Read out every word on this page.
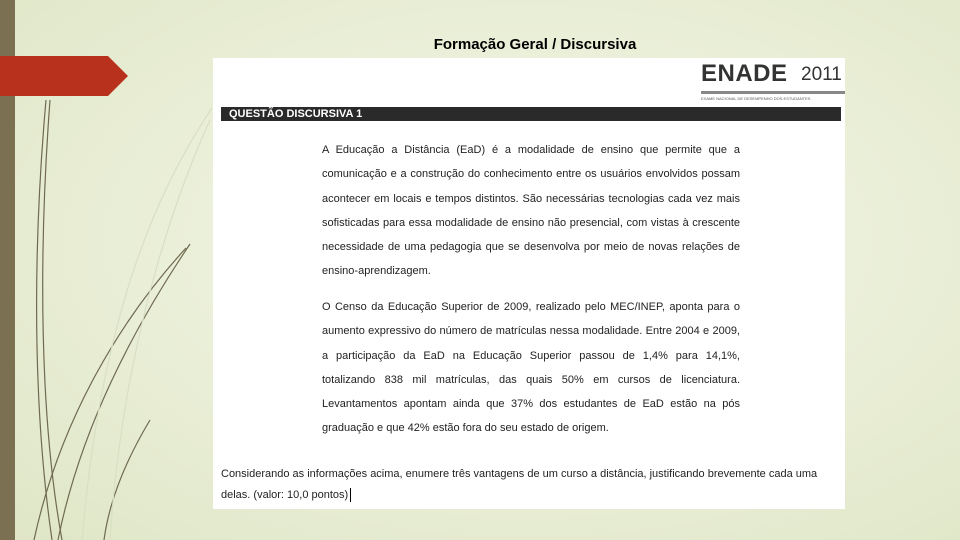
Formação Geral / Discursiva
ENADE 2011
EXAME NACIONAL DE DESEMPENHO DOS ESTUDANTES
QUESTÃO DISCURSIVA 1

A Educação a Distância (EaD) é a modalidade de ensino que permite que a comunicação e a construção do conhecimento entre os usuários envolvidos possam acontecer em locais e tempos distintos. São necessárias tecnologias cada vez mais sofisticadas para essa modalidade de ensino não presencial, com vistas à crescente necessidade de uma pedagogia que se desenvolva por meio de novas relações de ensino-aprendizagem.

O Censo da Educação Superior de 2009, realizado pelo MEC/INEP, aponta para o aumento expressivo do número de matrículas nessa modalidade. Entre 2004 e 2009, a participação da EaD na Educação Superior passou de 1,4% para 14,1%, totalizando 838 mil matrículas, das quais 50% em cursos de licenciatura. Levantamentos apontam ainda que 37% dos estudantes de EaD estão na pós graduação e que 42% estão fora do seu estado de origem.

Considerando as informações acima, enumere três vantagens de um curso a distância, justificando brevemente cada uma delas. (valor: 10,0 pontos)
